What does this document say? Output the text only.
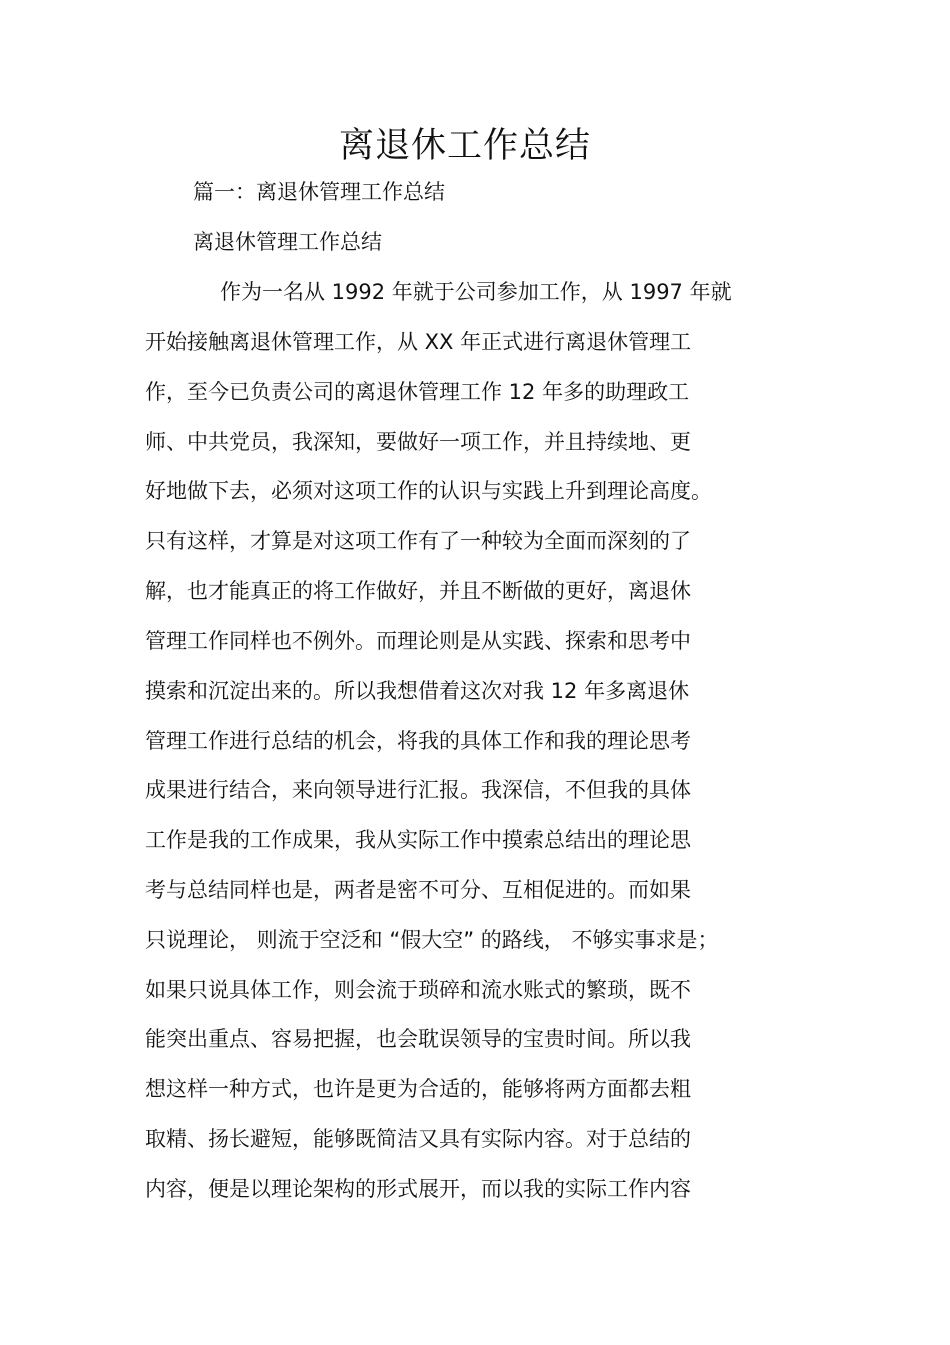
离退休工作总结
篇一：离退休管理工作总结
离退休管理工作总结
作为一名从 1992 年就于公司参加工作，从 1997 年就
开始接触离退休管理工作，从 XX 年正式进行离退休管理工
作，至今已负责公司的离退休管理工作 12 年多的助理政工
师、中共党员，我深知，要做好一项工作，并且持续地、更
好地做下去，必须对这项工作的认识与实践上升到理论高度。
只有这样，才算是对这项工作有了一种较为全面而深刻的了
解，也才能真正的将工作做好，并且不断做的更好，离退休
管理工作同样也不例外。而理论则是从实践、探索和思考中
摸索和沉淀出来的。所以我想借着这次对我 12 年多离退休
管理工作进行总结的机会，将我的具体工作和我的理论思考
成果进行结合，来向领导进行汇报。我深信，不但我的具体
工作是我的工作成果，我从实际工作中摸索总结出的理论思
考与总结同样也是，两者是密不可分、互相促进的。而如果
只说理论， 则流于空泛和 “假大空” 的路线， 不够实事求是；
如果只说具体工作，则会流于琐碎和流水账式的繁琐，既不
能突出重点、容易把握，也会耽误领导的宝贵时间。所以我
想这样一种方式，也许是更为合适的，能够将两方面都去粗
取精、扬长避短，能够既简洁又具有实际内容。对于总结的
内容，便是以理论架构的形式展开，而以我的实际工作内容
